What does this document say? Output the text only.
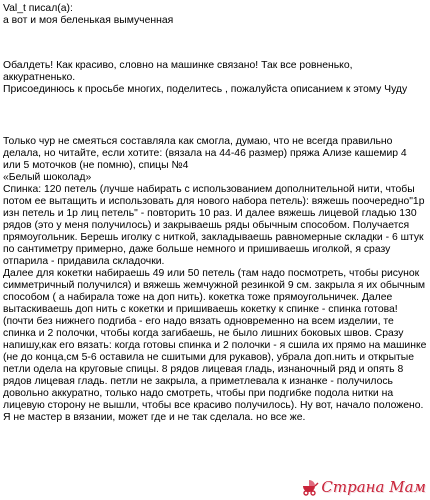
Val_t писал(а):

а вот и моя беленькая вымученная

Обалдеть! Как красиво, словно на машинке связано! Так все ровненько, аккуратненько.

Присоединюсь к просьбе многих, поделитесь , пожалуйста описанием к этому Чуду

Только чур не смеяться составляла как смогла, думаю, что не всегда правильно делала, но читайте, если хотите: (вязала на 44-46 размер) пряжа Ализе кашемир 4 или 5 моточков (не помню), спицы №4

«Белый шоколад»

Спинка: 120 петель (лучше набирать с использованием дополнительной нити, чтобы потом ее вытащить и использовать для нового набора петель): вяжешь поочередно"1р изн петель и 1р лиц петель" - повторить 10 раз. И далее вяжешь лицевой гладью 130 рядов (это у меня получилось) и закрываешь ряды обычным способом. Получается прямоугольник. Берешь иголку с ниткой, закладываешь равномерные складки - 6 штук по сантиметру примерно, даже больше немного и пришиваешь иголкой, я сразу отпарила - придавила складочки.

Далее для кокетки набираешь 49 или 50 петель (там надо посмотреть, чтобы рисунок симметричный получился) и вяжешь жемчужной резинкой 9 см. закрыла я их обычным способом ( а набирала тоже на доп нить). кокетка тоже прямоугольничек. Далее вытаскиваешь доп нить с кокетки и пришиваешь кокетку к спинке - спинка готова! (почти без нижнего подгиба - его надо вязать одновременно на всем изделии, те спинка и 2 полочки, чтобы когда загибаешь, не было лишних боковых швов. Сразу напишу,как его вязать: когда готовы спинка и 2 полочки - я сшила их прямо на машинке (не до конца,см 5-6 оставила не сшитыми для рукавов), убрала доп.нить и открытые петли одела на круговые спицы. 8 рядов лицевая гладь, изнаночный ряд и опять 8 рядов лицевая гладь. петли не закрыла, а приметлевала к изнанке - получилось довольно аккуратно, только надо смотреть, чтобы при подгибке подола нитки на лицевую сторону не вышли, чтобы все красиво получилось). Ну вот, начало положено. Я не мастер в вязании, может где и не так сделала. но все же.

Страна Мам
